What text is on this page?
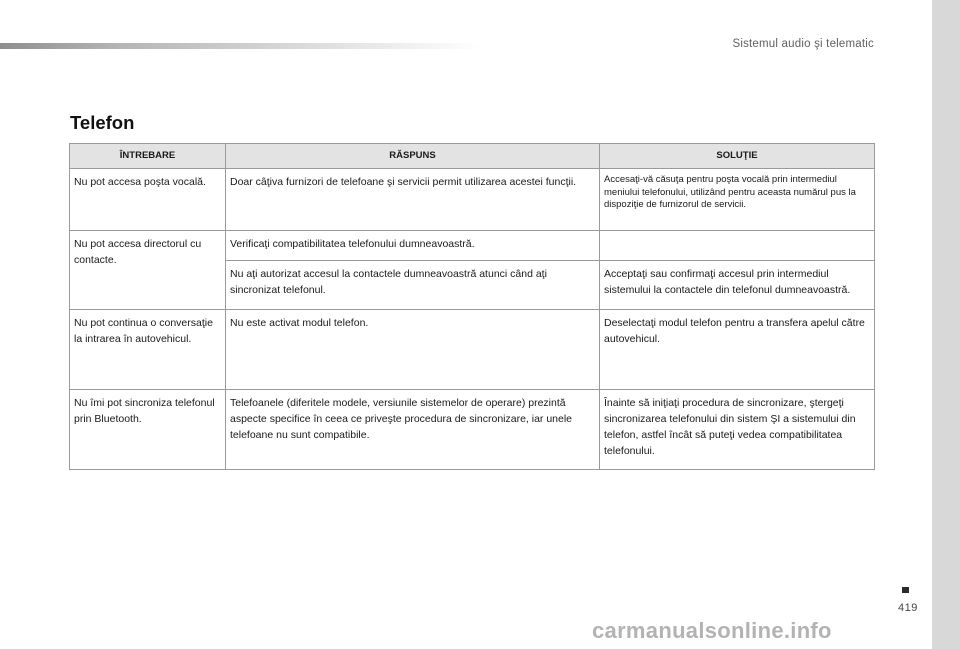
Sistemul audio şi telematic
Telefon
ÎNTREBARE	RĂSPUNS	SOLUŢIE
Nu pot accesa poşta vocală.	Doar câţiva furnizori de telefoane şi servicii permit utilizarea acestei funcţii.	Accesaţi-vă căsuţa pentru poşta vocală prin intermediul meniului telefonului, utilizând pentru aceasta numărul pus la dispoziţie de furnizorul de servicii.
Nu pot accesa directorul cu contacte.	Verificaţi compatibilitatea telefonului dumneavoastră.	
	Nu aţi autorizat accesul la contactele dumneavoastră atunci când aţi sincronizat telefonul.	Acceptaţi sau confirmaţi accesul prin intermediul sistemului la contactele din telefonul dumneavoastră.
Nu pot continua o conversaţie la intrarea în autovehicul.	Nu este activat modul telefon.	Deselectaţi modul telefon pentru a transfera apelul către autovehicul.
Nu îmi pot sincroniza telefonul prin Bluetooth.	Telefoanele (diferitele modele, versiunile sistemelor de operare) prezintă aspecte specifice în ceea ce priveşte procedura de sincronizare, iar unele telefoane nu sunt compatibile.	Înainte să iniţiaţi procedura de sincronizare, ştergeţi sincronizarea telefonului din sistem ŞI a sistemului din telefon, astfel încât să puteţi vedea compatibilitatea telefonului.
419
carmanualsonline.info
